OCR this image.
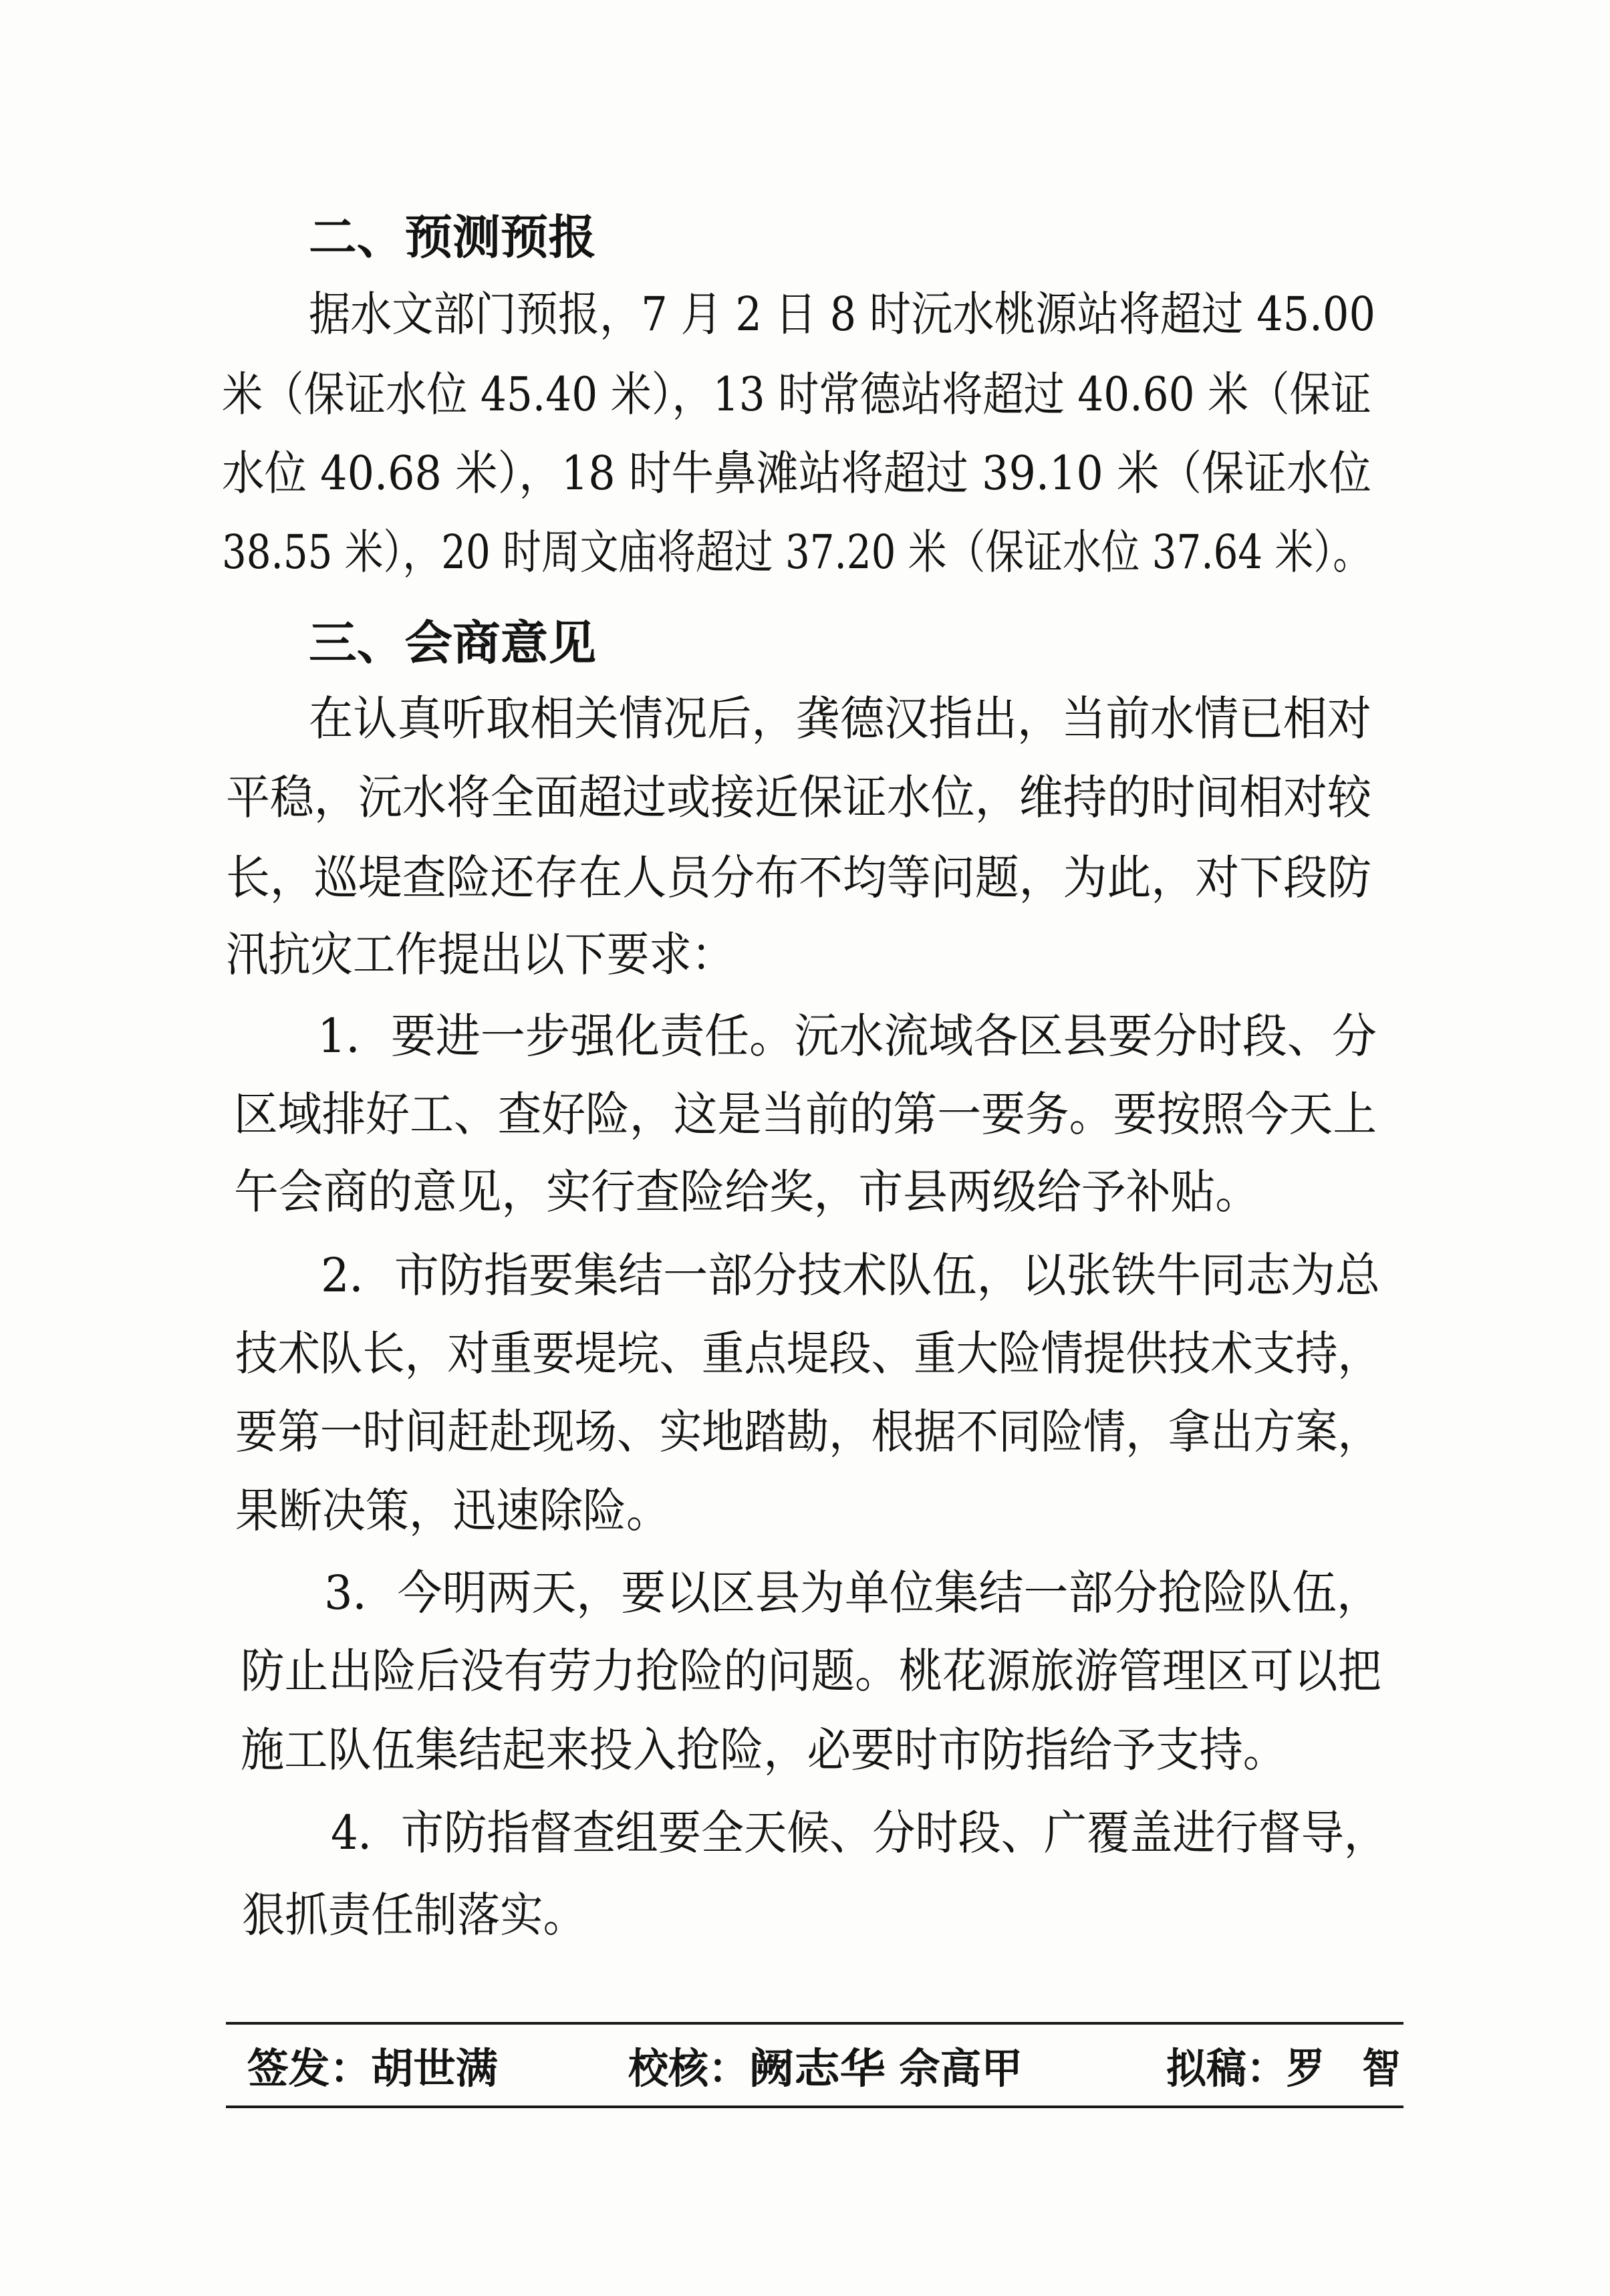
二、预测预报
据水文部门预报，7 月 2 日 8 时沅水桃源站将超过 45.00
米（保证水位 45.40 米），13 时常德站将超过 40.60 米（保证
水位 40.68 米），18 时牛鼻滩站将超过 39.10 米（保证水位
38.55 米），20 时周文庙将超过 37.20 米（保证水位 37.64 米）。
三、会商意见
在认真听取相关情况后，龚德汉指出，当前水情已相对
平稳，沅水将全面超过或接近保证水位，维持的时间相对较
长，巡堤查险还存在人员分布不均等问题，为此，对下段防
汛抗灾工作提出以下要求：
1．要进一步强化责任。沅水流域各区县要分时段、分
区域排好工、查好险，这是当前的第一要务。要按照今天上
午会商的意见，实行查险给奖，市县两级给予补贴。
2．市防指要集结一部分技术队伍，以张铁牛同志为总
技术队长，对重要堤垸、重点堤段、重大险情提供技术支持，
要第一时间赶赴现场、实地踏勘，根据不同险情，拿出方案，
果断决策，迅速除险。
3．今明两天，要以区县为单位集结一部分抢险队伍，
防止出险后没有劳力抢险的问题。桃花源旅游管理区可以把
施工队伍集结起来投入抢险，必要时市防指给予支持。
4．市防指督查组要全天候、分时段、广覆盖进行督导，
狠抓责任制落实。
签发： 胡世满	校核： 阙志华 佘高甲	拟稿： 罗　智
